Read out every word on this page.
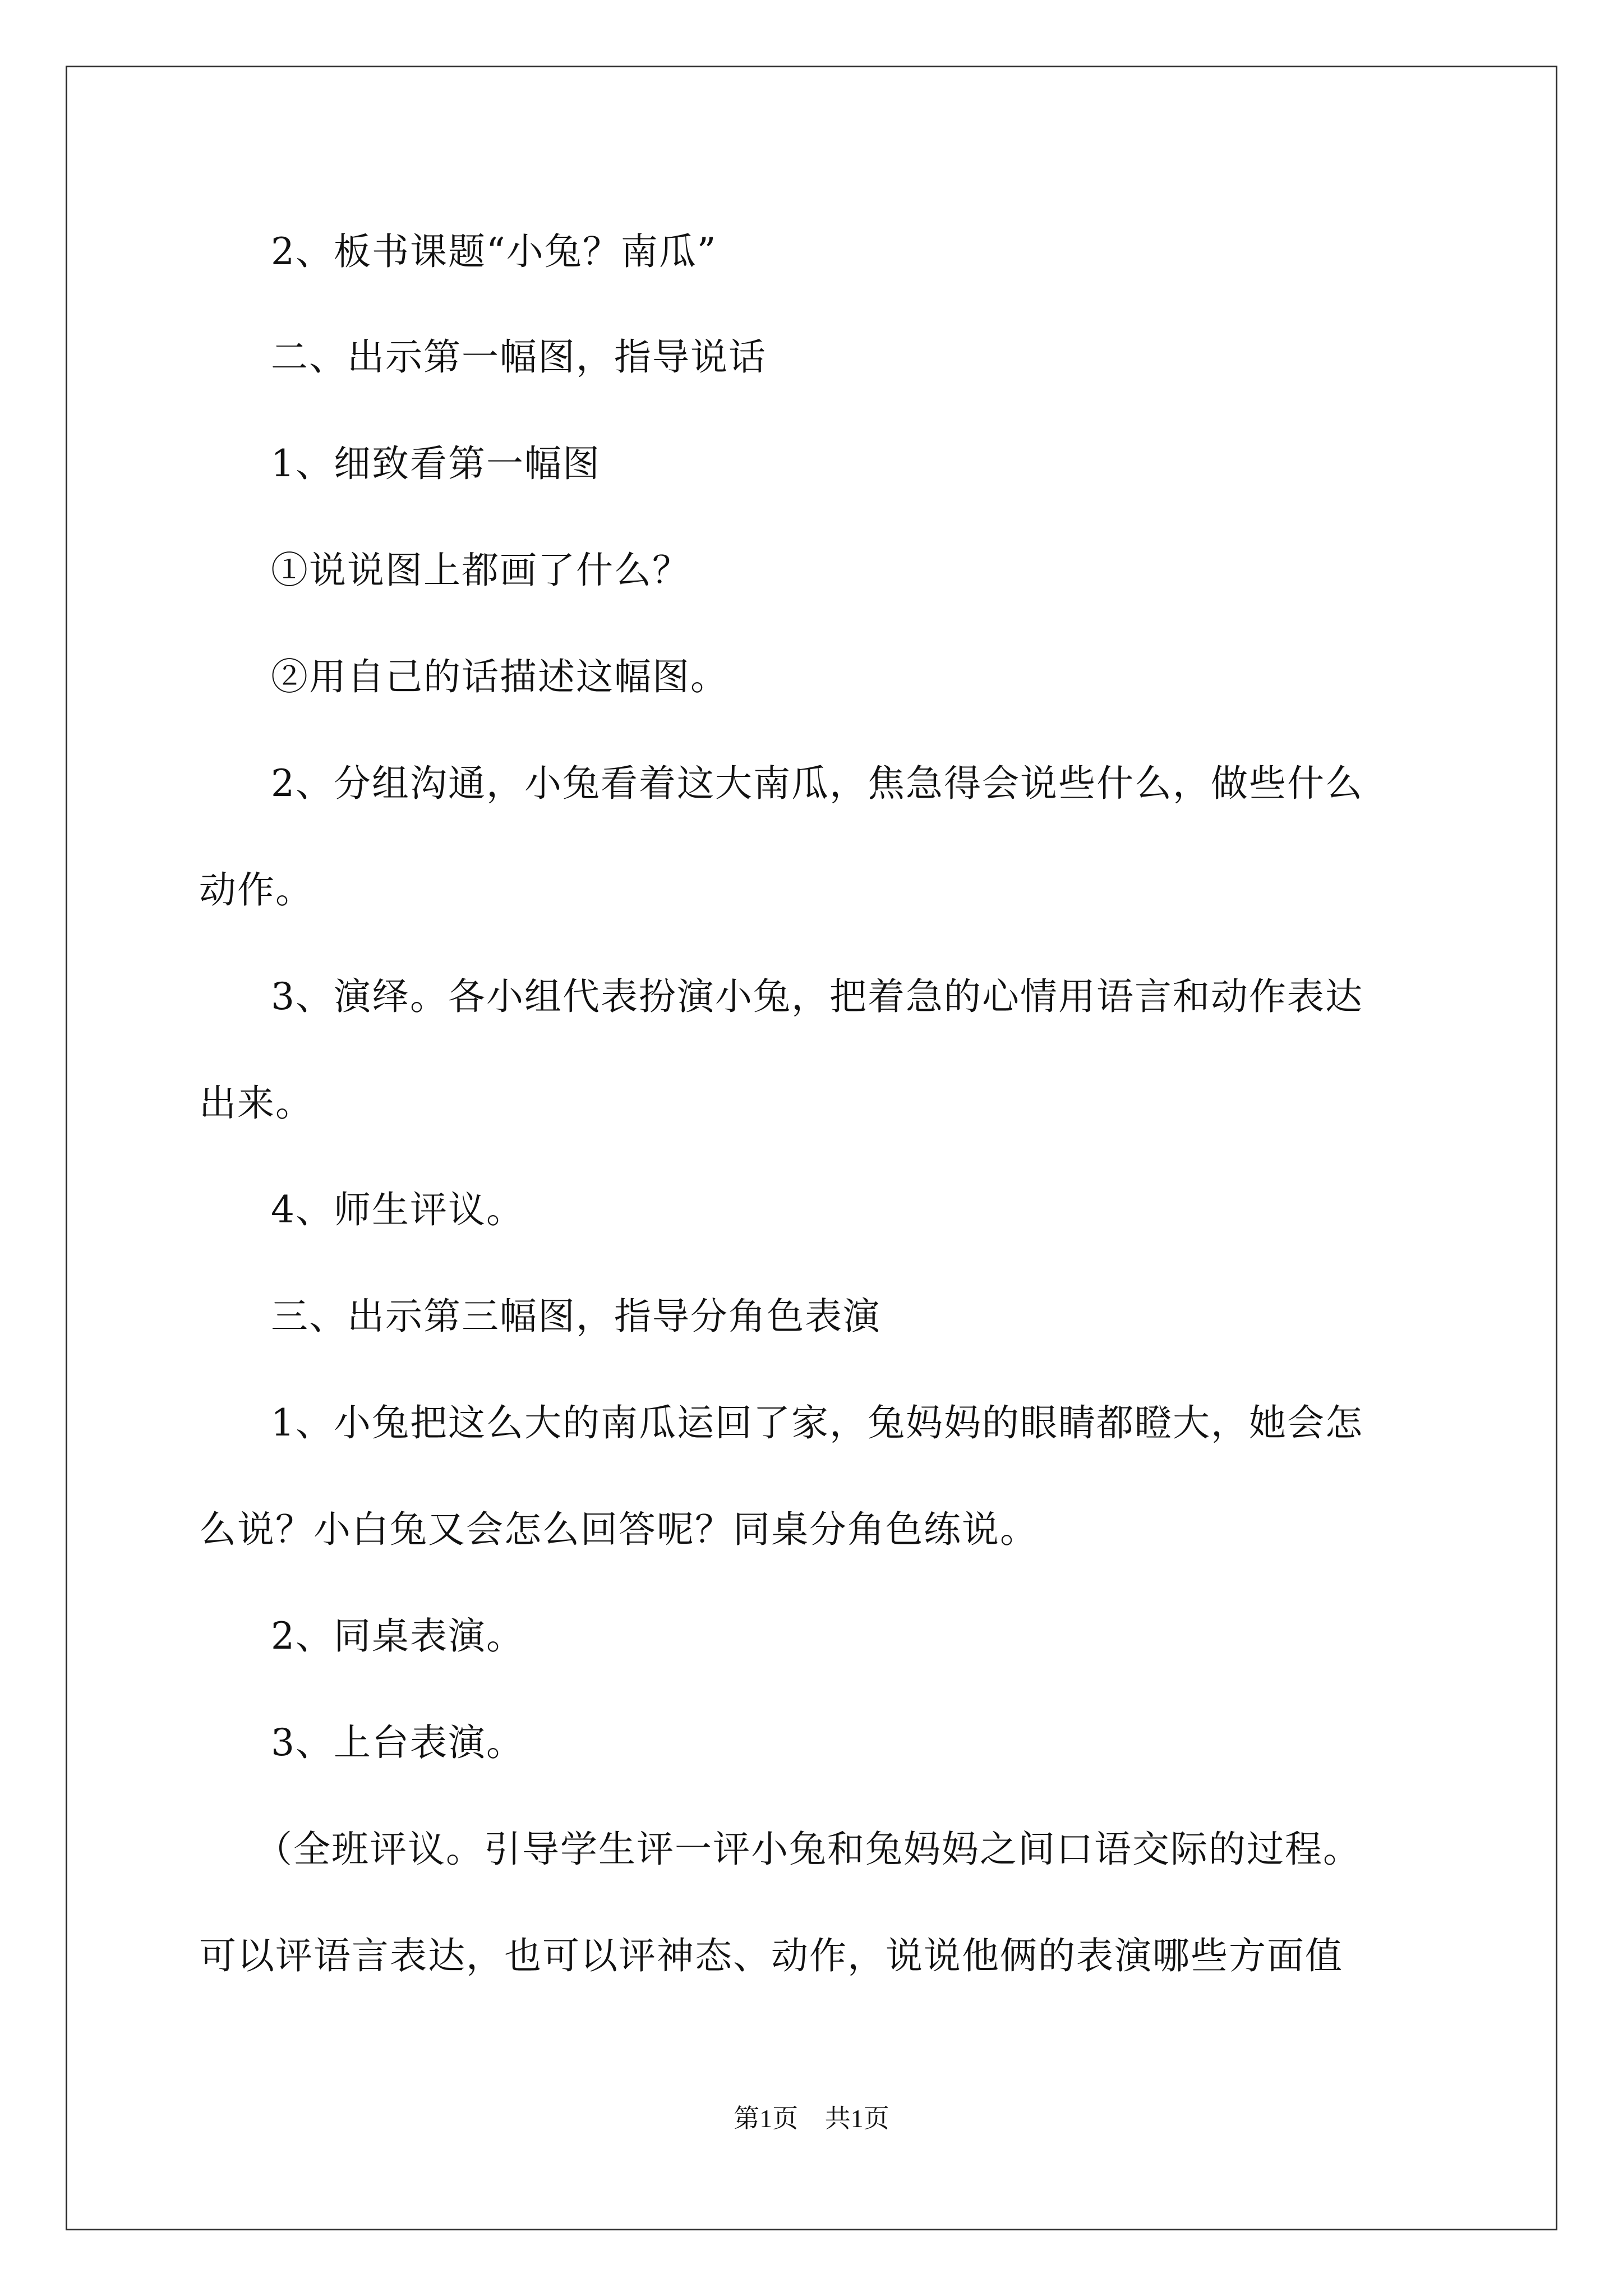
2、板书课题“小兔？南瓜”
二、出示第一幅图，指导说话
1、细致看第一幅图
①说说图上都画了什么？
②用自己的话描述这幅图。
2、分组沟通，小兔看着这大南瓜，焦急得会说些什么，做些什么
动作。
3、演绎。各小组代表扮演小兔，把着急的心情用语言和动作表达
出来。
4、师生评议。
三、出示第三幅图，指导分角色表演
1、小兔把这么大的南瓜运回了家，兔妈妈的眼睛都瞪大，她会怎
么说？小白兔又会怎么回答呢？同桌分角色练说。
2、同桌表演。
3、上台表演。
（全班评议。引导学生评一评小兔和兔妈妈之间口语交际的过程。
可以评语言表达，也可以评神态、动作，说说他俩的表演哪些方面值
第1页 共1页
